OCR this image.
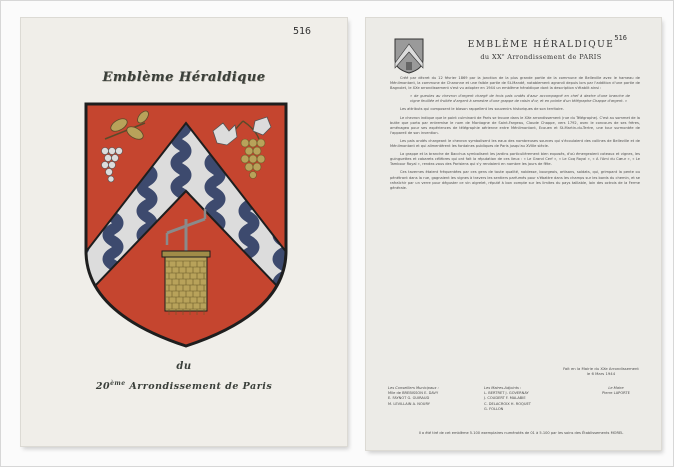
516
Emblème Héraldique
du
20ème Arrondissement de Paris
516
EMBLÈME HÉRALDIQUE
du XXe Arrondissement de PARIS

Créé par décret du 12 février 1869 par la jonction de la plus grande partie de la commune de Belleville avec le hameau de Ménilmontant, la commune de Charonne et une faible partie de St-Mandé, notablement agrandi depuis lors par l'addition d'une partie de Bagnolet, le XXe arrondissement s'est vu adopter en 1944 un emblème héraldique dont la description s'établit ainsi :

« de gueules au chevron d'argent chargé de trois pals ondés d'azur accompagné en chef à dextre d'une branche de vigne feuillée et fruitée d'argent à senestre d'une grappe de raisin d'or, et en pointe d'un télégraphe Chappe d'argent. »

Les attributs qui composent le blason rappellent les souvenirs historiques de son territoire.

Le chevron indique que le point culminant de Paris se trouve dans le XXe arrondissement (rue du Télégraphe). C'est au sommet de la butte que porta par entremise le nom de Montagne de Saint-Fargeau, Claude Chappe, vers 1792, avec le concours de ses frères, aménagea pour ses expériences de télégraphie aérienne entre Ménilmontant, Ecouen et St-Martin-du-Tertre, une tour surmontée de l'appareil de son invention.

Les pals ondés chargeant le chevron symbolisent les eaux des nombreuses sources qui s'écoulaient des collines de Belleville et de Ménilmontant et qui alimentèrent les fontaines publiques de Paris jusqu'au XVIIIe siècle.

La grappe et la branche de Bacchus symbolisent les jardins particulièrement bien exposés, d'où émergeaient coteaux et vignes, les guinguettes et cabarets célèbres qui ont fait la réputation de ces lieux : « Le Grand Cerf », « Le Coq Royal », « A l'Ami du Cœur », « Le Tambour Royal », rendez-vous des Parisiens qui s'y rendaient en nombre les jours de fête.

Ces tavernes étaient fréquentées par ces gens de toute qualité, noblesse, bourgeois, artisans, soldats, qui, grimpant la pente ou pénétrant dans la rue, gagnaient les vignes à travers les sentiers parfumés pour s'ébattre dans les champs sur les bords du chemin, et se rafraîchir par un verre pour déguster ce vin aigrelet, réputé à bon compte sur les limites du pays taillable, loin des octrois de la Ferme générale.

Fait en la Mairie du XXe Arrondissement
le 6 Mars 1944
Les Conseillers Municipaux :
Mlle de BREBISSON E. DAVY
E. FAYNOT G. GUIRAUD
M. LEVILLAIN A. NOURY
Les Maires-Adjoints :
L. BERTRET J. GOVERNAY
J. COUDERT F. MALABIE
C. DELACROIX H. ROQUET
G. FOLLON
Le Maire
Pierre LAPORTE
Il a été tiré de cet emblème 5.100 exemplaires numérotés de 01 à 5.100 par les soins des Établissements MOREL
